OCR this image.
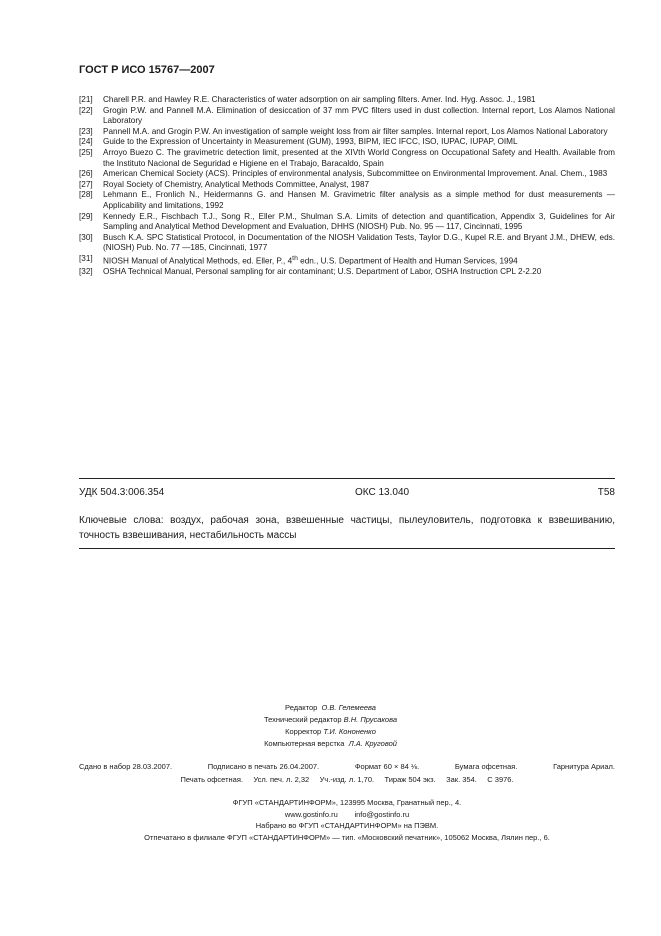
ГОСТ Р ИСО 15767—2007
[21]	Charell P.R. and Hawley R.E. Characteristics of water adsorption on air sampling filters. Amer. Ind. Hyg. Assoc. J., 1981
[22]	Grogin P.W. and Pannell M.A. Elimination of desiccation of 37 mm PVC filters used in dust collection. Internal report, Los Alamos National Laboratory
[23]	Pannell M.A. and Grogin P.W. An investigation of sample weight loss from air filter samples. Internal report, Los Alamos National Laboratory
[24]	Guide to the Expression of Uncertainty in Measurement (GUM), 1993, BIPM, IEC IFCC, ISO, IUPAC, IUPAP, OIML
[25]	Arroyo Buezo C. The gravimetric detection limit, presented at the XIVth World Congress on Occupational Safety and Health. Available from the Instituto Nacional de Seguridad e Higiene en el Trabajo, Baracaldo, Spain
[26]	American Chemical Society (ACS). Principles of environmental analysis, Subcommittee on Environmental Improvement. Anal. Chem., 1983
[27]	Royal Society of Chemistry, Analytical Methods Committee, Analyst, 1987
[28]	Lehmann E., Fronlich N., Heidermanns G. and Hansen M. Gravimetric filter analysis as a simple method for dust measurements — Applicability and limitations, 1992
[29]	Kennedy E.R., Fischbach T.J., Song R., Eller P.M., Shulman S.A. Limits of detection and quantification, Appendix 3, Guidelines for Air Sampling and Analytical Method Development and Evaluation, DHHS (NIOSH) Pub. No. 95 — 117, Cincinnati, 1995
[30]	Busch K.A. SPC Statistical Protocol, in Documentation of the NIOSH Validation Tests, Taylor D.G., Kupel R.E. and Bryant J.M., DHEW, eds. (NIOSH) Pub. No. 77 —185, Cincinnati, 1977
[31]	NIOSH Manual of Analytical Methods, ed. Eller, P., 4th edn., U.S. Department of Health and Human Services, 1994
[32]	OSHA Technical Manual, Personal sampling for air contaminant; U.S. Department of Labor, OSHA Instruction CPL 2-2.20
УДК 504.3:006.354	ОКС 13.040	Т58
Ключевые слова: воздух, рабочая зона, взвешенные частицы, пылеуловитель, подготовка к взвешиванию, точность взвешивания, нестабильность массы
Редактор О.В. Гелемеева
Технический редактор В.Н. Прусакова
Корректор Т.И. Кононенко
Компьютерная верстка Л.А. Круговой
Сдано в набор 28.03.2007.	Подписано в печать 26.04.2007.	Формат 60 × 84 ⅛.	Бумага офсетная.	Гарнитура Ариал.
Печать офсетная.     Усл. печ. л. 2,32     Уч.-изд. л. 1,70.     Тираж 504 экз.     Зак. 354.     С 3976.
ФГУП «СТАНДАРТИНФОРМ», 123995 Москва, Гранатный пер., 4.
www.gostinfo.ru info@gostinfo.ru
Набрано во ФГУП «СТАНДАРТИНФОРМ» на ПЭВМ.
Отпечатано в филиале ФГУП «СТАНДАРТИНФОРМ» — тип. «Московский печатник», 105062 Москва, Лялин пер., 6.
